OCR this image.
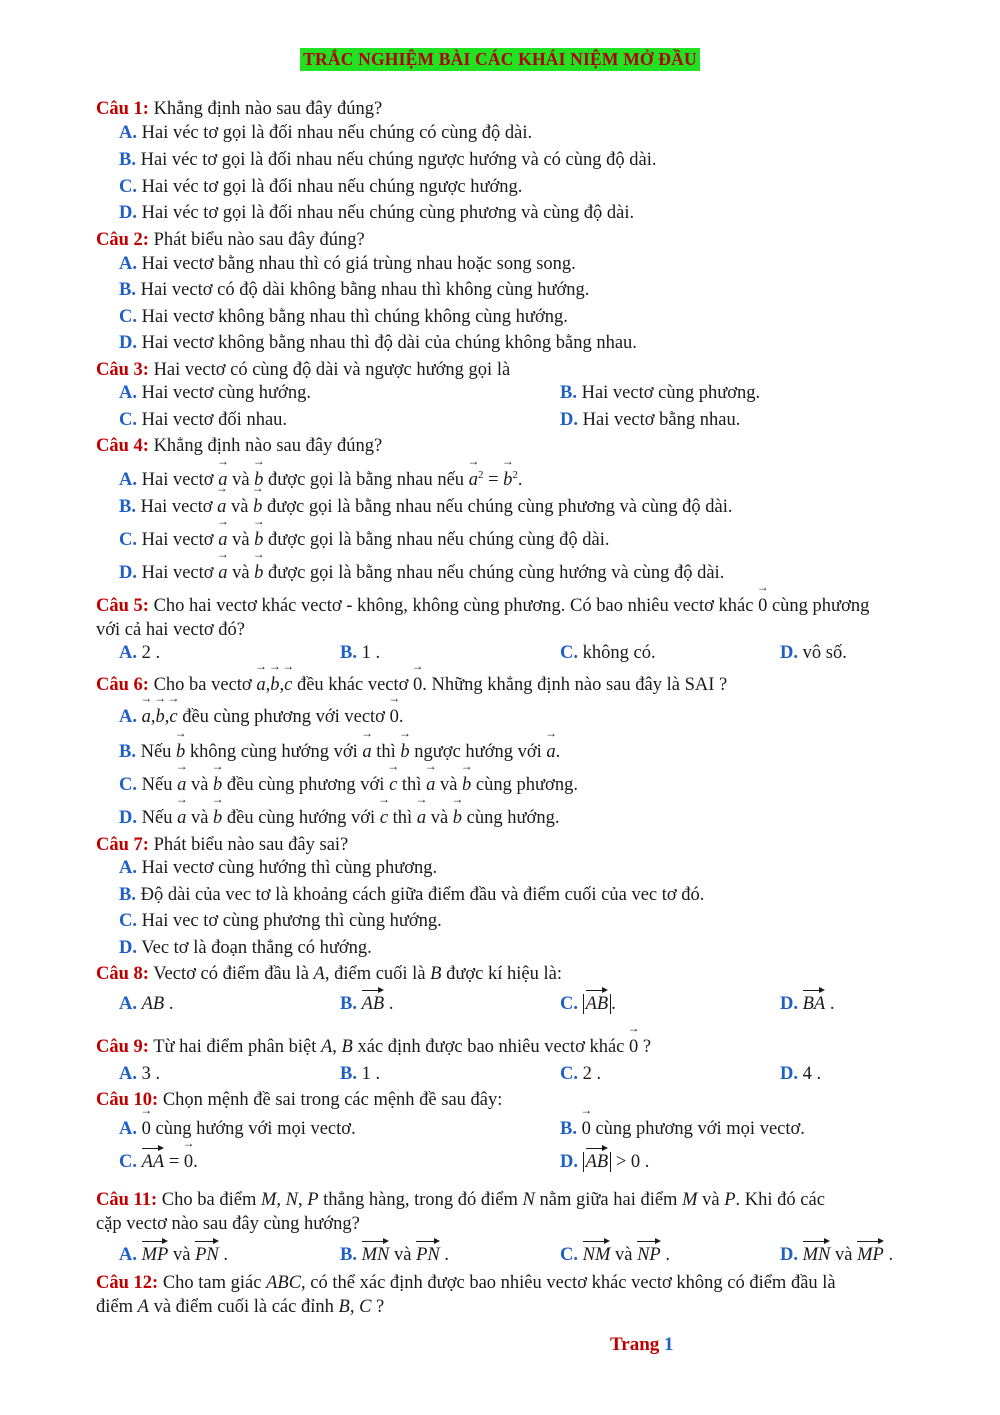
TRẮC NGHIỆM BÀI CÁC KHÁI NIỆM MỞ ĐẦU
Câu 1: Khẳng định nào sau đây đúng?
A. Hai véc tơ gọi là đối nhau nếu chúng có cùng độ dài.
B. Hai véc tơ gọi là đối nhau nếu chúng ngược hướng và có cùng độ dài.
C. Hai véc tơ gọi là đối nhau nếu chúng ngược hướng.
D. Hai véc tơ gọi là đối nhau nếu chúng cùng phương và cùng độ dài.
Câu 2: Phát biểu nào sau đây đúng?
A. Hai vectơ bằng nhau thì có giá trùng nhau hoặc song song.
B. Hai vectơ có độ dài không bằng nhau thì không cùng hướng.
C. Hai vectơ không bằng nhau thì chúng không cùng hướng.
D. Hai vectơ không bằng nhau thì độ dài của chúng không bằng nhau.
Câu 3: Hai vectơ có cùng độ dài và ngược hướng gọi là
A. Hai vectơ cùng hướng.	B. Hai vectơ cùng phương.
C. Hai vectơ đối nhau.	D. Hai vectơ bằng nhau.
Câu 4: Khẳng định nào sau đây đúng?
A. Hai vectơ → a và → b được gọi là bằng nhau nếu → $a^2$ = → $b^2$.
B. Hai vectơ → a và → b được gọi là bằng nhau nếu chúng cùng phương và cùng độ dài.
C. Hai vectơ → a và → b được gọi là bằng nhau nếu chúng cùng độ dài.
D. Hai vectơ → a và → b được gọi là bằng nhau nếu chúng cùng hướng và cùng độ dài.
Câu 5: Cho hai vectơ khác vectơ - không, không cùng phương. Có bao nhiêu vectơ khác → 0 cùng phương
với cả hai vectơ đó?
A. 2 .	B. 1 .	C. không có.	D. vô số.
Câu 6: Cho ba vectơ → a,→ b,→ c đều khác vectơ → 0. Những khẳng định nào sau đây là SAI ?
A. → a,→ b,→ c đều cùng phương với vectơ → 0.
B. Nếu → b không cùng hướng với → a thì → b ngược hướng với → a.
C. Nếu → a và → b đều cùng phương với → c thì → a và → b cùng phương.
D. Nếu → a và → b đều cùng hướng với → c thì → a và → b cùng hướng.
Câu 7: Phát biểu nào sau đây sai?
A. Hai vectơ cùng hướng thì cùng phương.
B. Độ dài của vec tơ là khoảng cách giữa điểm đầu và điểm cuối của vec tơ đó.
C. Hai vec tơ cùng phương thì cùng hướng.
D. Vec tơ là đoạn thẳng có hướng.
Câu 8: Vectơ có điểm đầu là A, điểm cuối là B được kí hiệu là:
A. AB .	B. AB .	C. AB .	D. BA .
Câu 9: Từ hai điểm phân biệt A, B xác định được bao nhiêu vectơ khác → 0 ?
A. 3 .	B. 1 .	C. 2 .	D. 4 .
Câu 10: Chọn mệnh đề sai trong các mệnh đề sau đây:
A. → 0 cùng hướng với mọi vectơ.	B. → 0 cùng phương với mọi vectơ.
C. AA = → 0.	D. AB > 0 .
Câu 11: Cho ba điểm M, N, P thẳng hàng, trong đó điểm N nằm giữa hai điểm M và P. Khi đó các
cặp vectơ nào sau đây cùng hướng?
A. MP và PN .	B. MN và PN .	C. NM và NP .	D. MN và MP .
Câu 12: Cho tam giác ABC, có thể xác định được bao nhiêu vectơ khác vectơ không có điểm đầu là
điểm A và điểm cuối là các đỉnh B, C ?
Trang 1
